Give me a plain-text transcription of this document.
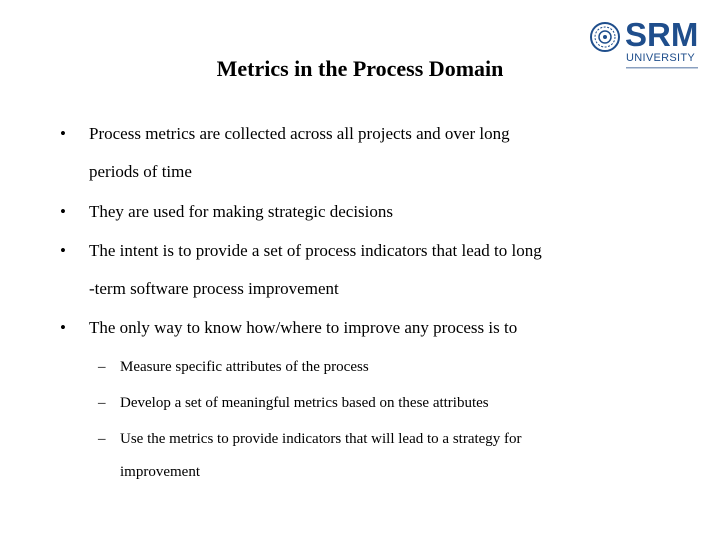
SRM
UNIVERSITY
Metrics in the Process Domain
•	Process metrics are collected across all projects and over long
periods of time
•	They are used for making strategic decisions
•	The intent is to provide a set of process indicators that lead to long
-term software process improvement
•	The only way to know how/where to improve any process is to
– Measure specific attributes of the process
– Develop a set of meaningful metrics based on these attributes
– Use the metrics to provide indicators that will lead to a strategy for
improvement
